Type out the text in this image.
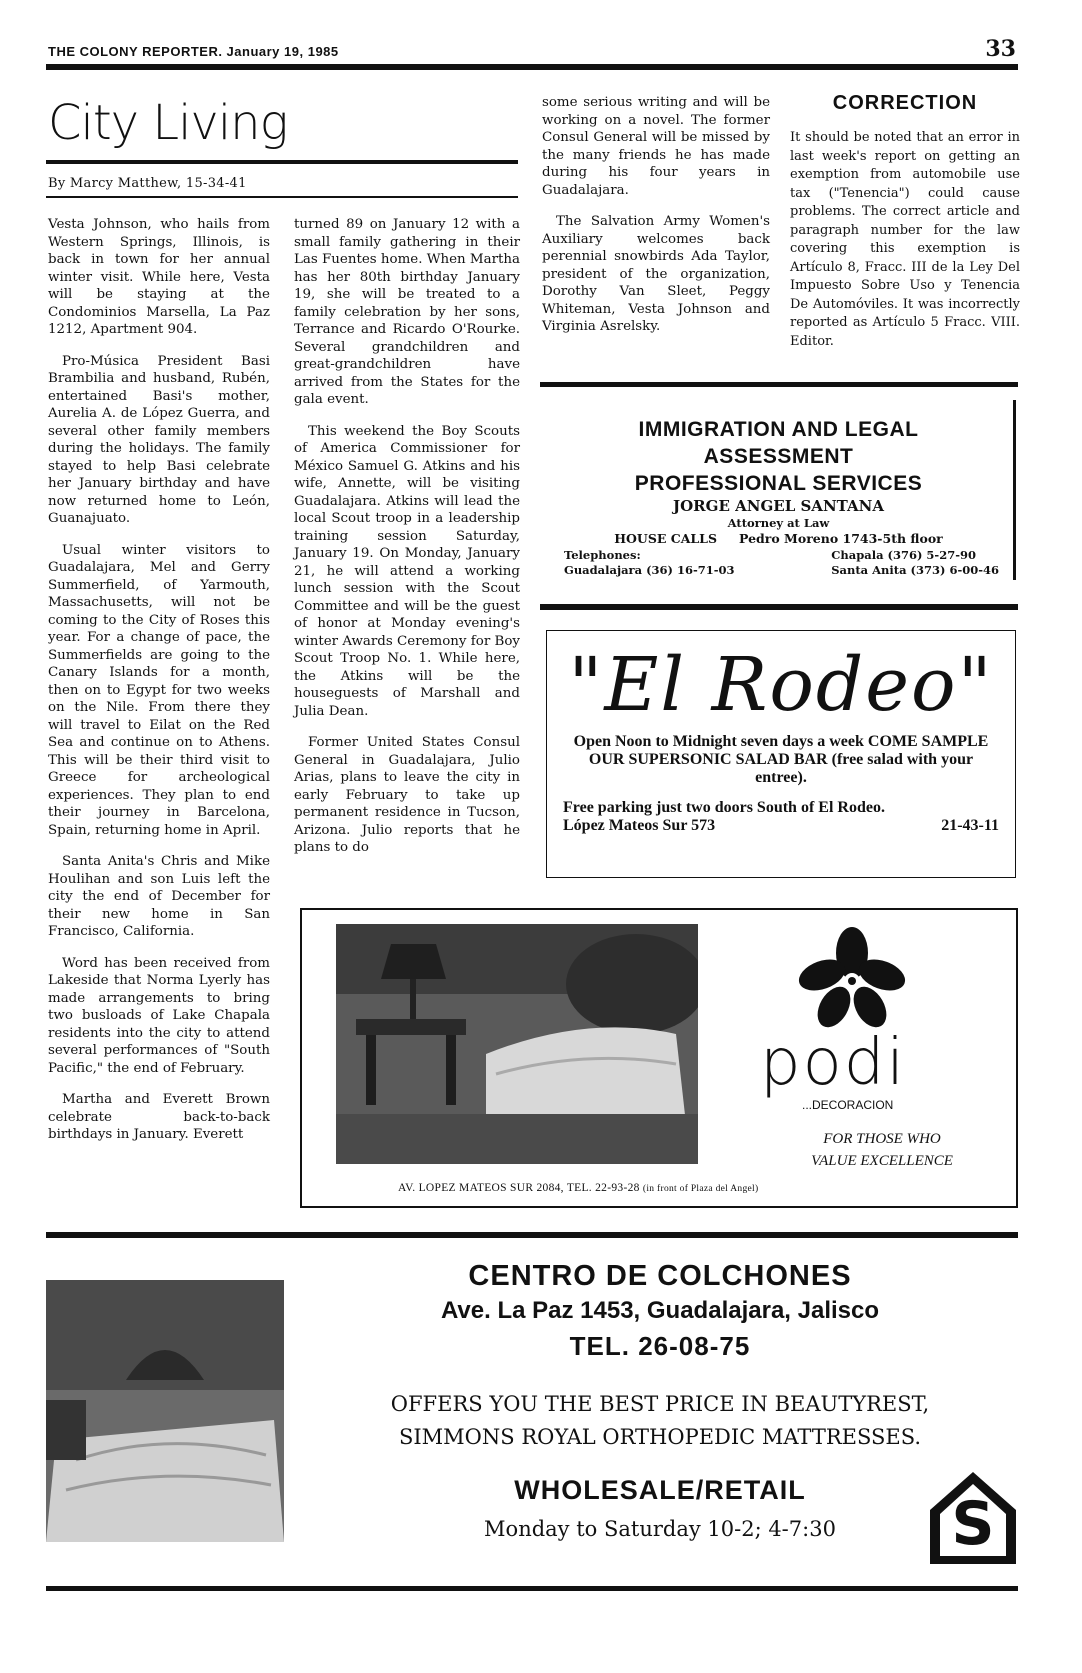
THE COLONY REPORTER. January 19, 1985	33
City Living
By Marcy Matthew, 15-34-41

Vesta Johnson, who hails from Western Springs, Illinois, is back in town for her annual winter visit. While here, Vesta will be staying at the Condominios Marsella, La Paz 1212, Apartment 904.

Pro-Música President Basi Brambilia and husband, Rubén, entertained Basi's mother, Aurelia A. de López Guerra, and several other family members during the holidays. The family stayed to help Basi celebrate her January birthday and have now returned home to León, Guanajuato.

Usual winter visitors to Guadalajara, Mel and Gerry Summerfield, of Yarmouth, Massachusetts, will not be coming to the City of Roses this year. For a change of pace, the Summerfields are going to the Canary Islands for a month, then on to Egypt for two weeks on the Nile. From there they will travel to Eilat on the Red Sea and continue on to Athens. This will be their third visit to Greece for archeological experiences. They plan to end their journey in Barcelona, Spain, returning home in April.

Santa Anita's Chris and Mike Houlihan and son Luis left the city the end of December for their new home in San Francisco, California.

Word has been received from Lakeside that Norma Lyerly has made arrangements to bring two busloads of Lake Chapala residents into the city to attend several performances of "South Pacific," the end of February.

Martha and Everett Brown celebrate back-to-back birthdays in January. Everett

turned 89 on January 12 with a small family gathering in their Las Fuentes home. When Martha has her 80th birthday January 19, she will be treated to a family celebration by her sons, Terrance and Ricardo O'Rourke. Several grandchildren and great-grandchildren have arrived from the States for the gala event.

This weekend the Boy Scouts of America Commissioner for México Samuel G. Atkins and his wife, Annette, will be visiting Guadalajara. Atkins will lead the local Scout troop in a leadership training session Saturday, January 19. On Monday, January 21, he will attend a working lunch session with the Scout Committee and will be the guest of honor at Monday evening's winter Awards Ceremony for Boy Scout Troop No. 1. While here, the Atkins will be the houseguests of Marshall and Julia Dean.

Former United States Consul General in Guadalajara, Julio Arias, plans to leave the city in early February to take up permanent residence in Tucson, Arizona. Julio reports that he plans to do

some serious writing and will be working on a novel. The former Consul General will be missed by the many friends he has made during his four years in Guadalajara.

The Salvation Army Women's Auxiliary welcomes back perennial snowbirds Ada Taylor, president of the organization, Dorothy Van Sleet, Peggy Whiteman, Vesta Johnson and Virginia Asrelsky.

CORRECTION
It should be noted that an error in last week's report on getting an exemption from automobile use tax ("Tenencia") could cause problems. The correct article and paragraph number for the law covering this exemption is Artículo 8, Fracc. III de la Ley Del Impuesto Sobre Uso y Tenencia De Automóviles. It was incorrectly reported as Artículo 5 Fracc. VIII. Editor.
IMMIGRATION AND LEGAL
ASSESSMENT
PROFESSIONAL SERVICES
JORGE ANGEL SANTANA
Attorney at Law
HOUSE CALLS Pedro Moreno 1743-5th floor
Telephones:
Guadalajara (36) 16-71-03
Chapala (376) 5-27-90
Santa Anita (373) 6-00-46
"El Rodeo"
Open Noon to Midnight seven days a week COME SAMPLE OUR SUPERSONIC SALAD BAR (free salad with your entree).
Free parking just two doors South of El Rodeo.
López Mateos Sur 573	21-43-11
podi
...DECORACION
FOR THOSE WHO
VALUE EXCELLENCE
AV. LOPEZ MATEOS SUR 2084, TEL. 22-93-28 (in front of Plaza del Angel)
CENTRO DE COLCHONES
Ave. La Paz 1453, Guadalajara, Jalisco
TEL. 26-08-75
OFFERS YOU THE BEST PRICE IN BEAUTYREST,
SIMMONS ROYAL ORTHOPEDIC MATTRESSES.
WHOLESALE/RETAIL
Monday to Saturday 10-2; 4-7:30	S
